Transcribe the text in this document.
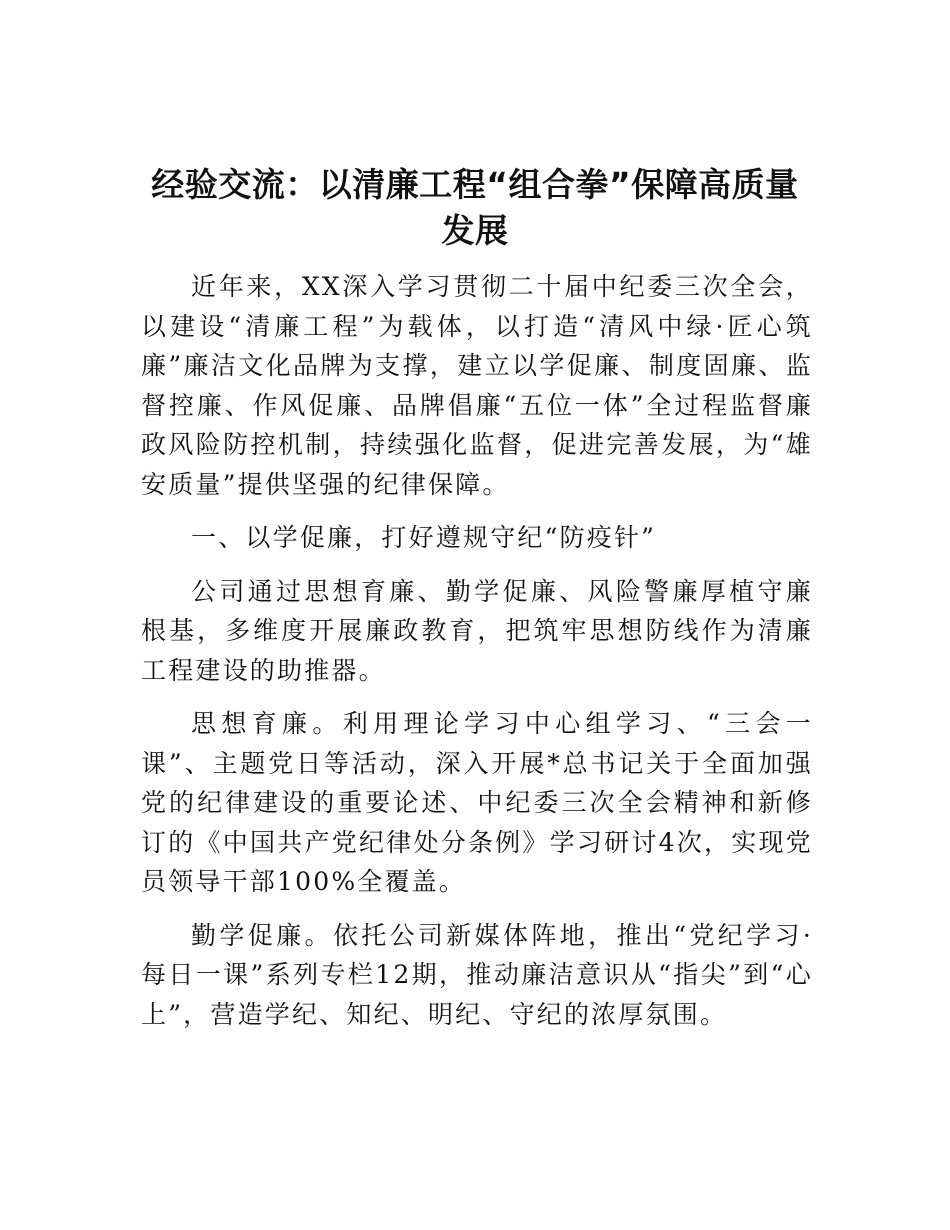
经验交流：以清廉工程“组合拳”保障高质量发展

近年来，XX深入学习贯彻二十届中纪委三次全会，以建设“清廉工程”为载体，以打造“清风中绿·匠心筑廉”廉洁文化品牌为支撑，建立以学促廉、制度固廉、监督控廉、作风促廉、品牌倡廉“五位一体”全过程监督廉政风险防控机制，持续强化监督，促进完善发展，为“雄安质量”提供坚强的纪律保障。

一、以学促廉，打好遵规守纪“防疫针”

公司通过思想育廉、勤学促廉、风险警廉厚植守廉根基，多维度开展廉政教育，把筑牢思想防线作为清廉工程建设的助推器。

思想育廉。利用理论学习中心组学习、“三会一课”、主题党日等活动，深入开展*总书记关于全面加强党的纪律建设的重要论述、中纪委三次全会精神和新修订的《中国共产党纪律处分条例》学习研讨4次，实现党员领导干部100%全覆盖。

勤学促廉。依托公司新媒体阵地，推出“党纪学习·每日一课”系列专栏12期，推动廉洁意识从“指尖”到“心上”，营造学纪、知纪、明纪、守纪的浓厚氛围。
